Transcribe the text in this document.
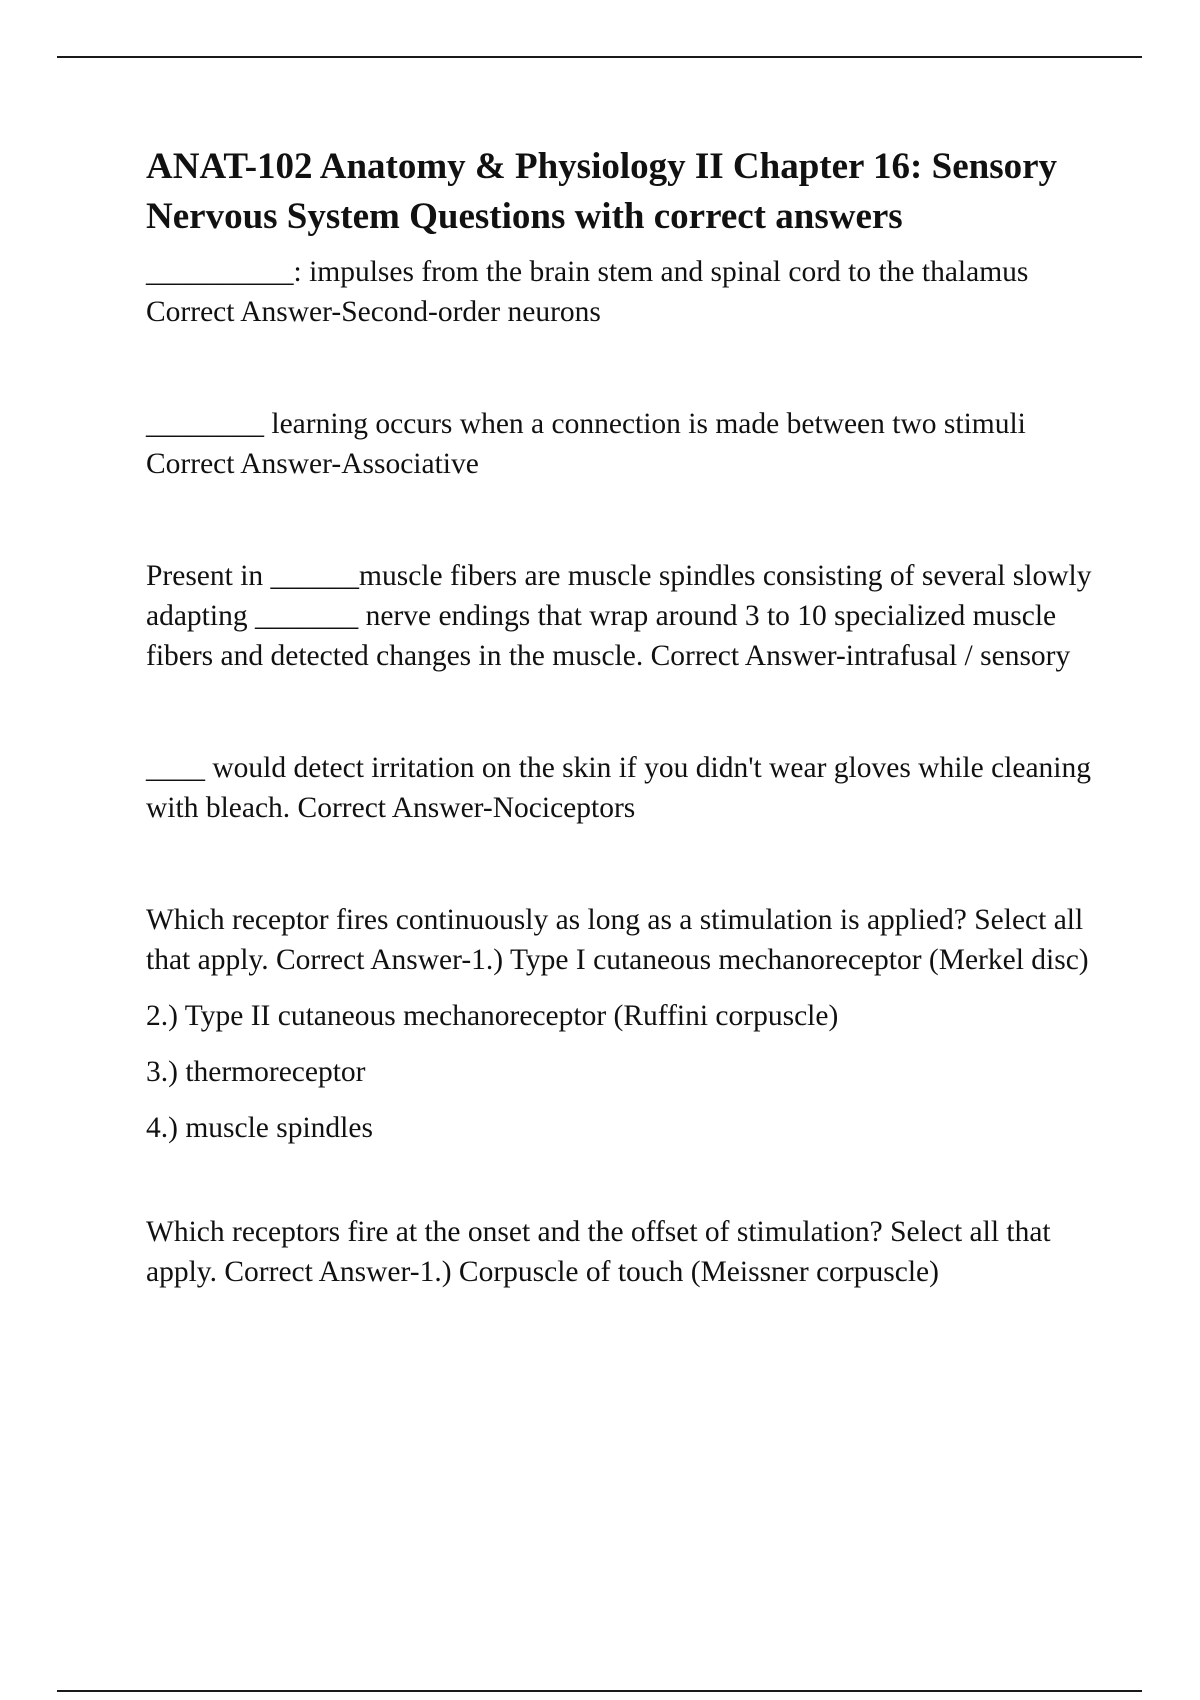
ANAT-102 Anatomy & Physiology II Chapter 16: Sensory Nervous System Questions with correct answers

__________: impulses from the brain stem and spinal cord to the thalamus Correct Answer-Second-order neurons

________ learning occurs when a connection is made between two stimuli Correct Answer-Associative

Present in ______muscle fibers are muscle spindles consisting of several slowly adapting _______ nerve endings that wrap around 3 to 10 specialized muscle fibers and detected changes in the muscle. Correct Answer-intrafusal / sensory

____ would detect irritation on the skin if you didn't wear gloves while cleaning with bleach. Correct Answer-Nociceptors

Which receptor fires continuously as long as a stimulation is applied? Select all that apply. Correct Answer-1.) Type I cutaneous mechanoreceptor (Merkel disc)

2.) Type II cutaneous mechanoreceptor (Ruffini corpuscle)

3.) thermoreceptor

4.) muscle spindles

Which receptors fire at the onset and the offset of stimulation? Select all that apply. Correct Answer-1.) Corpuscle of touch (Meissner corpuscle)
